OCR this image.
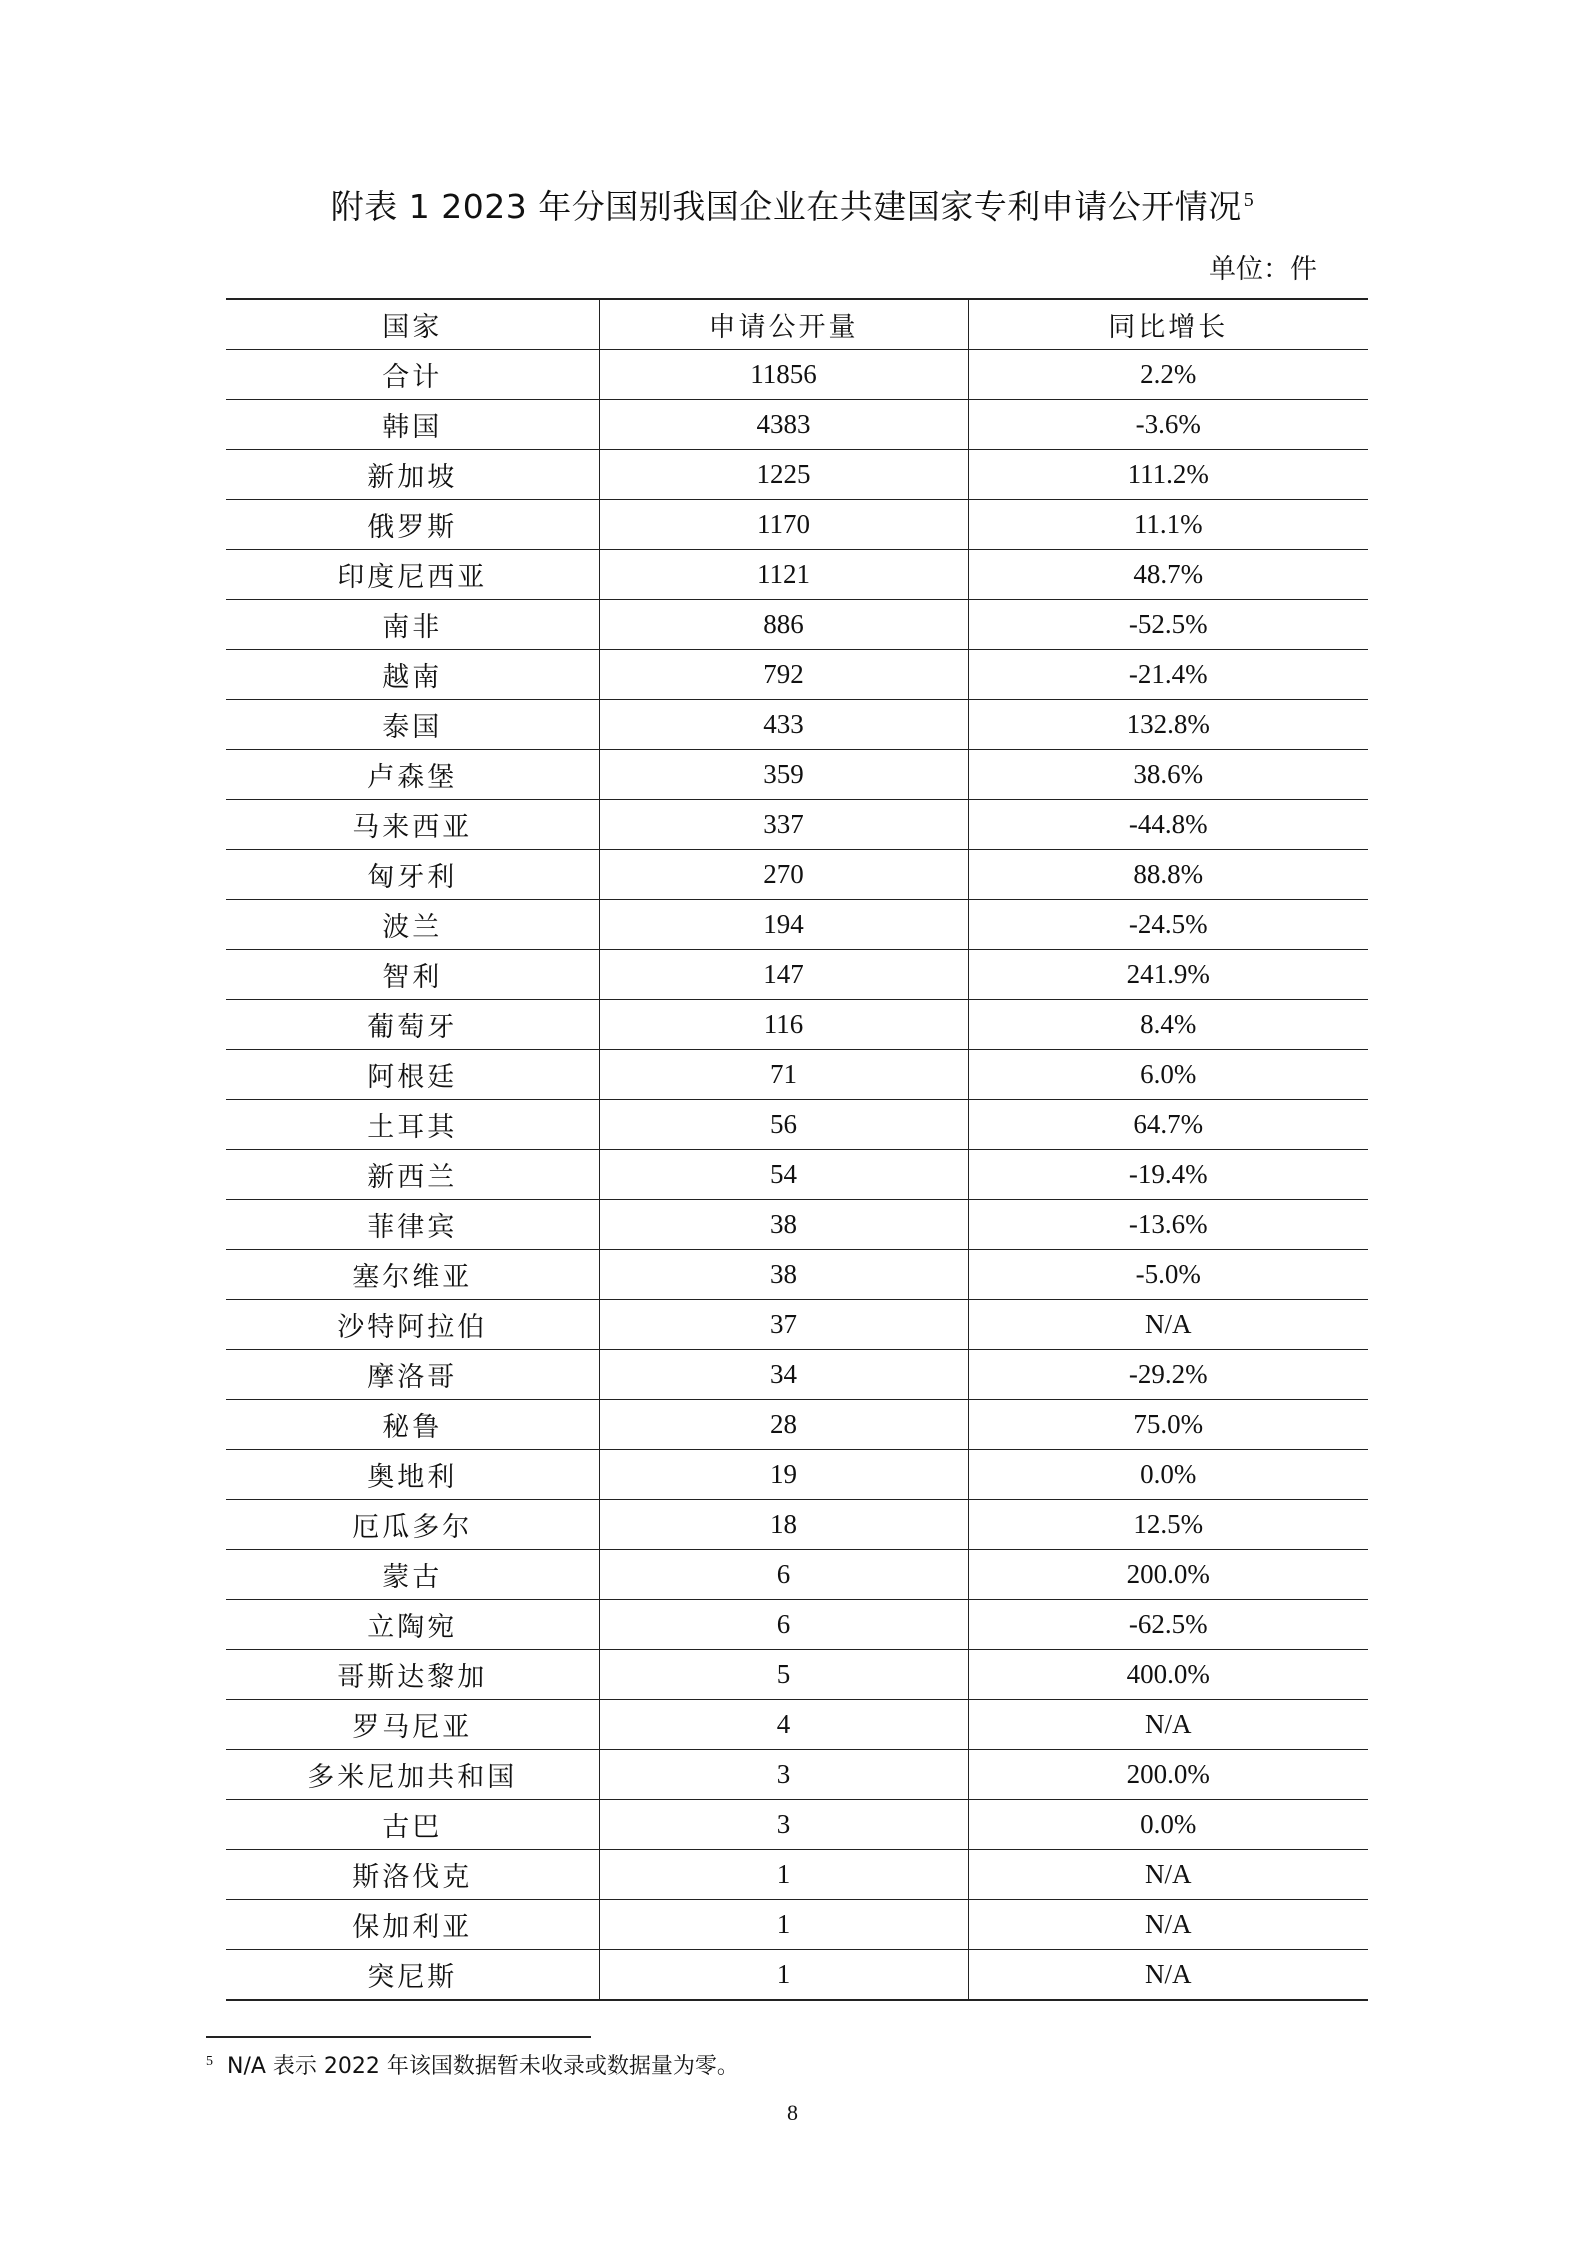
附表 1 2023 年分国别我国企业在共建国家专利申请公开情况 $^5$
单位：件
国家	申请公开量	同比增长
合计	11856	2.2%
韩国	4383	-3.6%
新加坡	1225	111.2%
俄罗斯	1170	11.1%
印度尼西亚	1121	48.7%
南非	886	-52.5%
越南	792	-21.4%
泰国	433	132.8%
卢森堡	359	38.6%
马来西亚	337	-44.8%
匈牙利	270	88.8%
波兰	194	-24.5%
智利	147	241.9%
葡萄牙	116	8.4%
阿根廷	71	6.0%
土耳其	56	64.7%
新西兰	54	-19.4%
菲律宾	38	-13.6%
塞尔维亚	38	-5.0%
沙特阿拉伯	37	N/A
摩洛哥	34	-29.2%
秘鲁	28	75.0%
奥地利	19	0.0%
厄瓜多尔	18	12.5%
蒙古	6	200.0%
立陶宛	6	-62.5%
哥斯达黎加	5	400.0%
罗马尼亚	4	N/A
多米尼加共和国	3	200.0%
古巴	3	0.0%
斯洛伐克	1	N/A
保加利亚	1	N/A
突尼斯	1	N/A
$^5$ N/A 表示 2022 年该国数据暂未收录或数据量为零。
8
